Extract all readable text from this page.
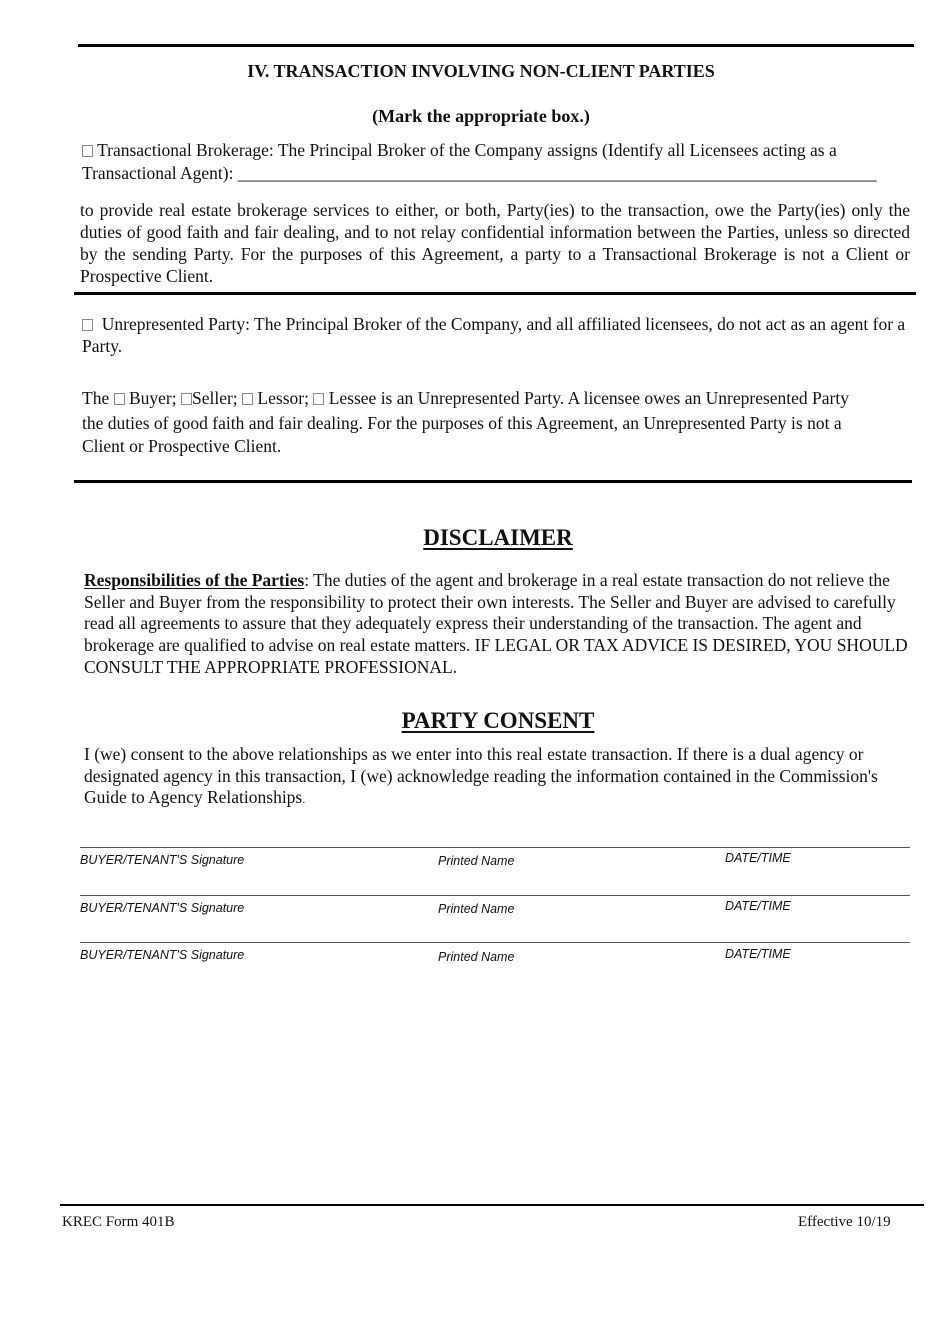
IV. TRANSACTION INVOLVING NON-CLIENT PARTIES
(Mark the appropriate box.)
Transactional Brokerage: The Principal Broker of the Company assigns (Identify all Licensees acting as a
Transactional Agent): _________________________________________________________________________
to provide real estate brokerage services to either, or both, Party(ies) to the transaction, owe the Party(ies) only the duties of good faith and fair dealing, and to not relay confidential information between the Parties, unless so directed by the sending Party. For the purposes of this Agreement, a party to a Transactional Brokerage is not a Client or Prospective Client.
Unrepresented Party: The Principal Broker of the Company, and all affiliated licensees, do not act as an agent for a Party.
The Buyer; Seller; Lessor; Lessee is an Unrepresented Party. A licensee owes an Unrepresented Party
the duties of good faith and fair dealing. For the purposes of this Agreement, an Unrepresented Party is not a Client or Prospective Client.
DISCLAIMER
Responsibilities of the Parties: The duties of the agent and brokerage in a real estate transaction do not relieve the Seller and Buyer from the responsibility to protect their own interests. The Seller and Buyer are advised to carefully read all agreements to assure that they adequately express their understanding of the transaction. The agent and brokerage are qualified to advise on real estate matters. IF LEGAL OR TAX ADVICE IS DESIRED, YOU SHOULD CONSULT THE APPROPRIATE PROFESSIONAL.
PARTY CONSENT
I (we) consent to the above relationships as we enter into this real estate transaction. If there is a dual agency or designated agency in this transaction, I (we) acknowledge reading the information contained in the Commission's Guide to Agency Relationships.
BUYER/TENANT'S Signature	Printed Name	DATE/TIME
BUYER/TENANT'S Signature	Printed Name	DATE/TIME
BUYER/TENANT'S Signature	Printed Name	DATE/TIME
KREC Form 401B	Effective 10/19
